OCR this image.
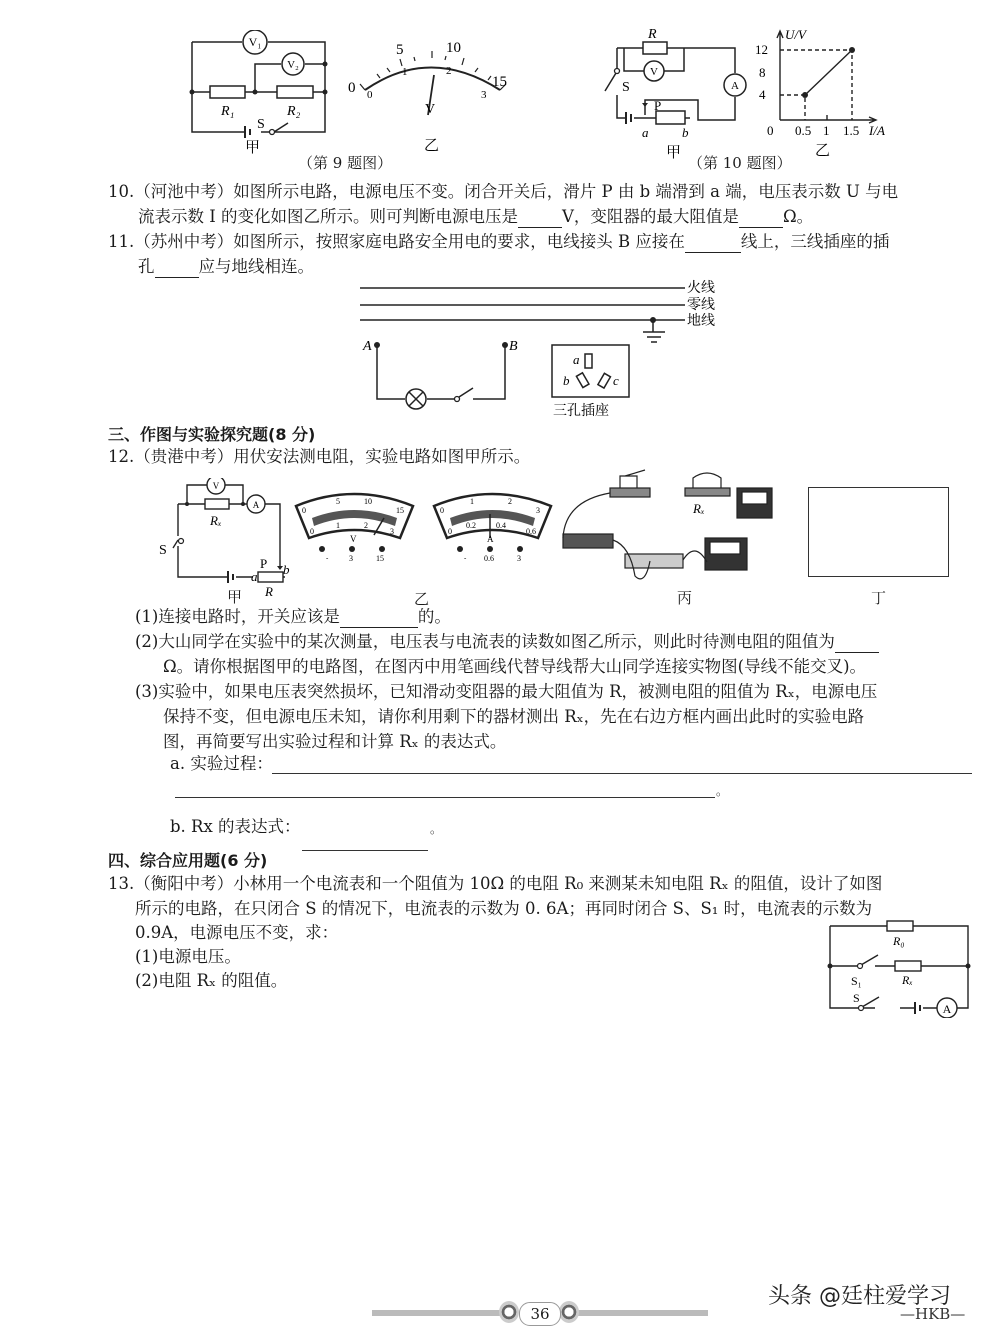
V₁
V₂
R₁	R₂
S
甲
0
5	10
15
0
1	2
3
V
乙
（第 9 题图）
V
A
R
S
P
a	b
甲
U/V
4
8
12
0 0.5 1 1.5 I/A
乙
（第 10 题图）
10.（河池中考）如图所示电路，电源电压不变。闭合开关后，滑片 P 由 b 端滑到 a 端，电压表示数 U 与电
流表示数 I 的变化如图乙所示。则可判断电源电压是	V，变阻器的最大阻值是	Ω。
11.（苏州中考）如图所示，按照家庭电路安全用电的要求，电线接头 B 应接在	线上，三线插座的插
孔	应与地线相连。
火线
零线
地线
A	B
a
b	c
三孔插座
三、作图与实验探究题(8 分)
12.（贵港中考）用伏安法测电阻，实验电路如图甲所示。
V
A
Rₓ
S
P
a b
R
甲
0
5	10
15
0
1	2
3
V
-	3	15
0
1	2
3
0
0.2	0.4
0.6
A
- 0.6	3
乙
Rₓ
丙	丁
(1)连接电路时，开关应该是	的。
(2)大山同学在实验中的某次测量，电压表与电流表的读数如图乙所示，则此时待测电阻的阻值为
Ω。请你根据图甲的电路图，在图丙中用笔画线代替导线帮大山同学连接实物图(导线不能交叉)。
(3)实验中，如果电压表突然损坏，已知滑动变阻器的最大阻值为 R，被测电阻的阻值为 Rₓ，电源电压
保持不变，但电源电压未知，请你利用剩下的器材测出 Rₓ，先在右边方框内画出此时的实验电路
图，再简要写出实验过程和计算 Rₓ 的表达式。
a. 实验过程：
。
b. Rx 的表达式：	。
四、综合应用题(6 分)
13.（衡阳中考）小林用一个电流表和一个阻值为 10Ω 的电阻 R₀ 来测某未知电阻 Rₓ 的阻值，设计了如图
所示的电路，在只闭合 S 的情况下，电流表的示数为 0. 6A；再同时闭合 S、S₁ 时，电流表的示数为
0.9A，电源电压不变，求：
(1)电源电压。
(2)电阻 Rₓ 的阻值。
R₀
Rₓ
S₁
S
A
36
头条 @廷柱爱学习
—HKB—
